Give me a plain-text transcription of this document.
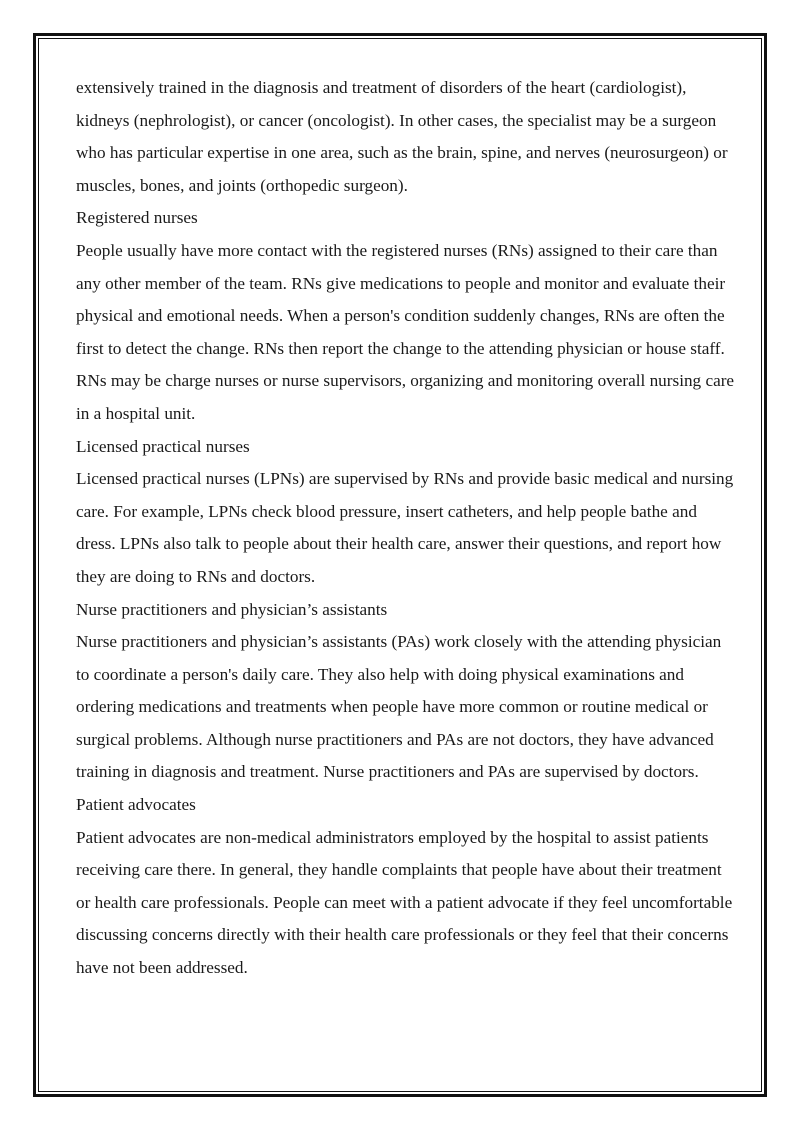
extensively trained in the diagnosis and treatment of disorders of the heart (cardiologist), kidneys (nephrologist), or cancer (oncologist). In other cases, the specialist may be a surgeon who has particular expertise in one area, such as the brain, spine, and nerves (neurosurgeon) or muscles, bones, and joints (orthopedic surgeon).

Registered nurses

People usually have more contact with the registered nurses (RNs) assigned to their care than any other member of the team. RNs give medications to people and monitor and evaluate their physical and emotional needs. When a person's condition suddenly changes, RNs are often the first to detect the change. RNs then report the change to the attending physician or house staff. RNs may be charge nurses or nurse supervisors, organizing and monitoring overall nursing care in a hospital unit.

Licensed practical nurses

Licensed practical nurses (LPNs) are supervised by RNs and provide basic medical and nursing care. For example, LPNs check blood pressure, insert catheters, and help people bathe and dress. LPNs also talk to people about their health care, answer their questions, and report how they are doing to RNs and doctors.

Nurse practitioners and physician’s assistants

Nurse practitioners and physician’s assistants (PAs) work closely with the attending physician to coordinate a person's daily care. They also help with doing physical examinations and ordering medications and treatments when people have more common or routine medical or surgical problems. Although nurse practitioners and PAs are not doctors, they have advanced training in diagnosis and treatment. Nurse practitioners and PAs are supervised by doctors.

Patient advocates

Patient advocates are non-medical administrators employed by the hospital to assist patients receiving care there. In general, they handle complaints that people have about their treatment or health care professionals. People can meet with a patient advocate if they feel uncomfortable discussing concerns directly with their health care professionals or they feel that their concerns have not been addressed.
